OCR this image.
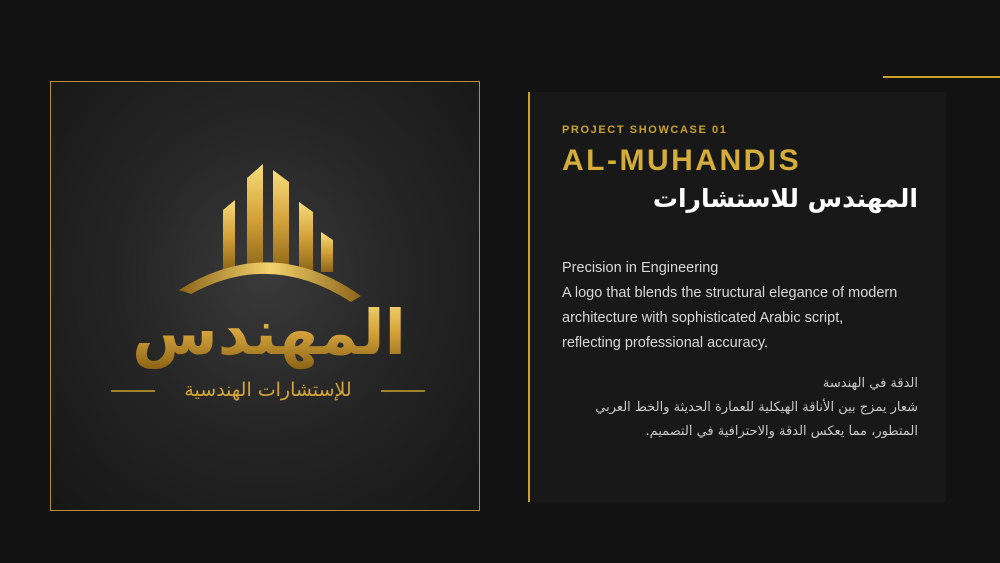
المهندس
للإستشارات الهندسية
PROJECT SHOWCASE 01
AL-MUHANDIS
المهندس للاستشارات
Precision in Engineering
A logo that blends the structural elegance of modern architecture with sophisticated Arabic script, reflecting professional accuracy.
الدقة في الهندسة
شعار يمزج بين الأناقة الهيكلية للعمارة الحديثة والخط العربي المتطور، مما يعكس الدقة والاحترافية في التصميم.
